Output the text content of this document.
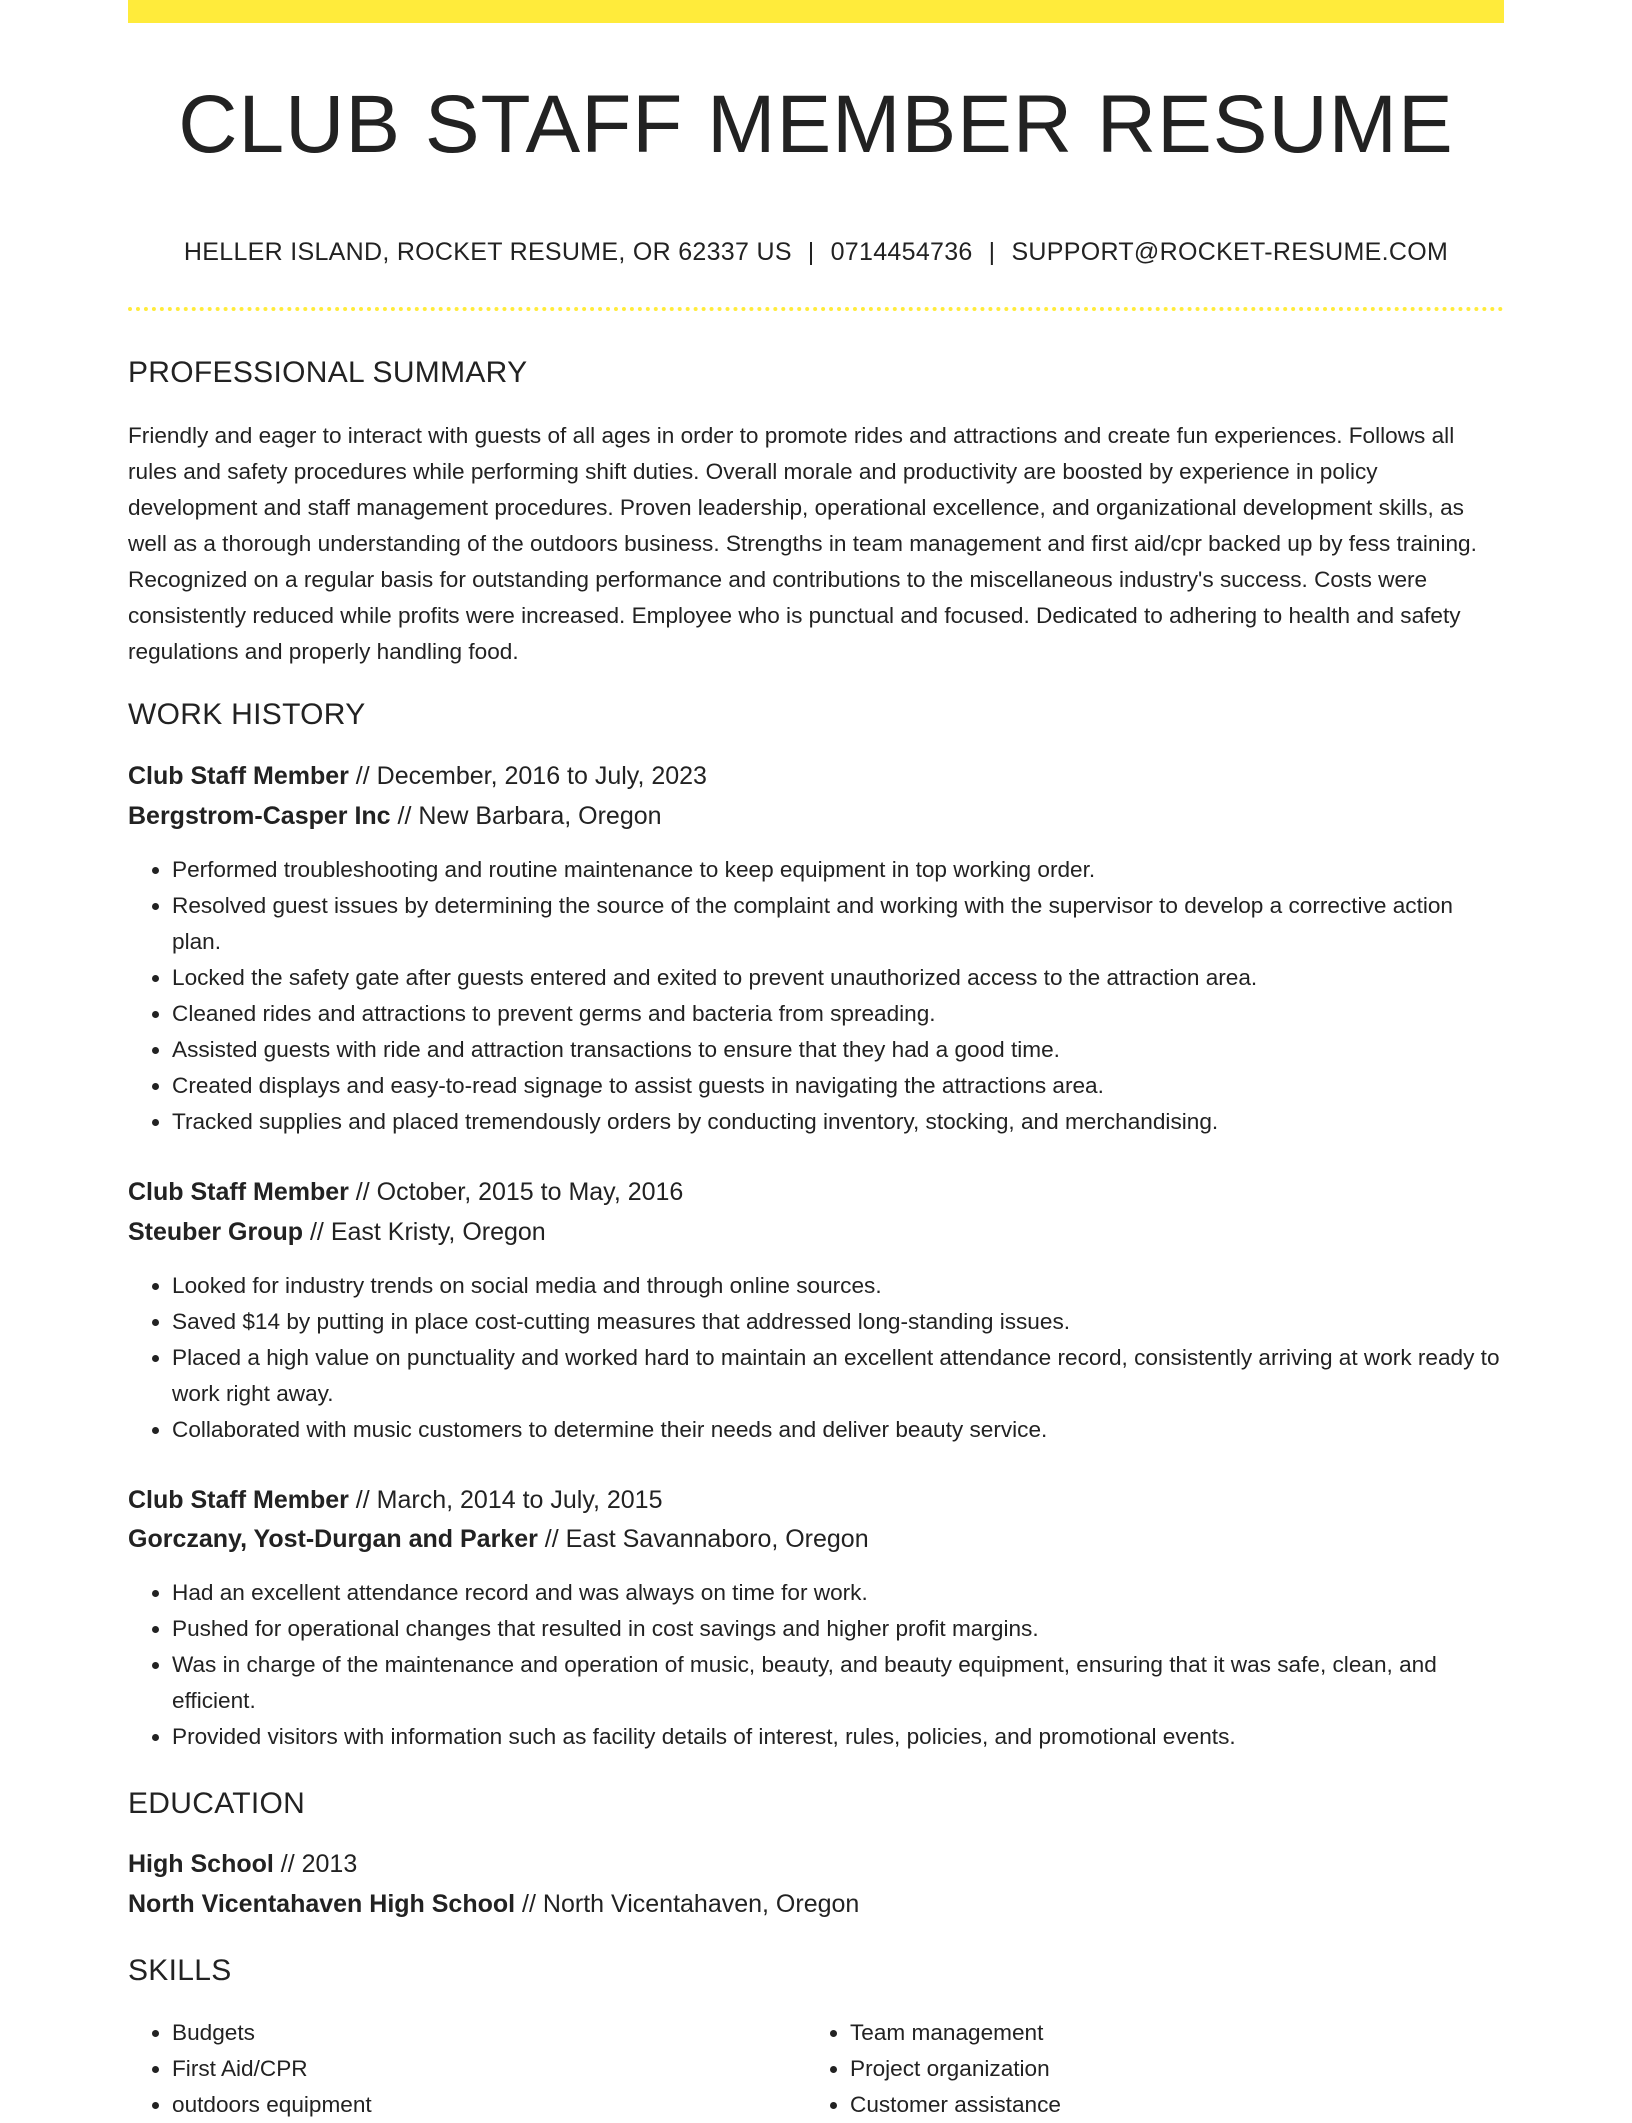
CLUB STAFF MEMBER RESUME
HELLER ISLAND, ROCKET RESUME, OR 62337 US | 0714454736 | SUPPORT@ROCKET-RESUME.COM
PROFESSIONAL SUMMARY

Friendly and eager to interact with guests of all ages in order to promote rides and attractions and create fun experiences. Follows all rules and safety procedures while performing shift duties. Overall morale and productivity are boosted by experience in policy development and staff management procedures. Proven leadership, operational excellence, and organizational development skills, as well as a thorough understanding of the outdoors business. Strengths in team management and first aid/cpr backed up by fess training. Recognized on a regular basis for outstanding performance and contributions to the miscellaneous industry's success. Costs were consistently reduced while profits were increased. Employee who is punctual and focused. Dedicated to adhering to health and safety regulations and properly handling food.

WORK HISTORY
Club Staff Member // December, 2016 to July, 2023
Bergstrom-Casper Inc // New Barbara, Oregon
• Performed troubleshooting and routine maintenance to keep equipment in top working order.
• Resolved guest issues by determining the source of the complaint and working with the supervisor to develop a corrective action plan.
• Locked the safety gate after guests entered and exited to prevent unauthorized access to the attraction area.
• Cleaned rides and attractions to prevent germs and bacteria from spreading.
• Assisted guests with ride and attraction transactions to ensure that they had a good time.
• Created displays and easy-to-read signage to assist guests in navigating the attractions area.
• Tracked supplies and placed tremendously orders by conducting inventory, stocking, and merchandising.
Club Staff Member // October, 2015 to May, 2016
Steuber Group // East Kristy, Oregon
• Looked for industry trends on social media and through online sources.
• Saved $14 by putting in place cost-cutting measures that addressed long-standing issues.
• Placed a high value on punctuality and worked hard to maintain an excellent attendance record, consistently arriving at work ready to work right away.
• Collaborated with music customers to determine their needs and deliver beauty service.
Club Staff Member // March, 2014 to July, 2015
Gorczany, Yost-Durgan and Parker // East Savannaboro, Oregon
• Had an excellent attendance record and was always on time for work.
• Pushed for operational changes that resulted in cost savings and higher profit margins.
• Was in charge of the maintenance and operation of music, beauty, and beauty equipment, ensuring that it was safe, clean, and efficient.
• Provided visitors with information such as facility details of interest, rules, policies, and promotional events.
EDUCATION
High School // 2013
North Vicentahaven High School // North Vicentahaven, Oregon
SKILLS
• Budgets
• First Aid/CPR
• outdoors equipment
• Team management
• Project organization
• Customer assistance
